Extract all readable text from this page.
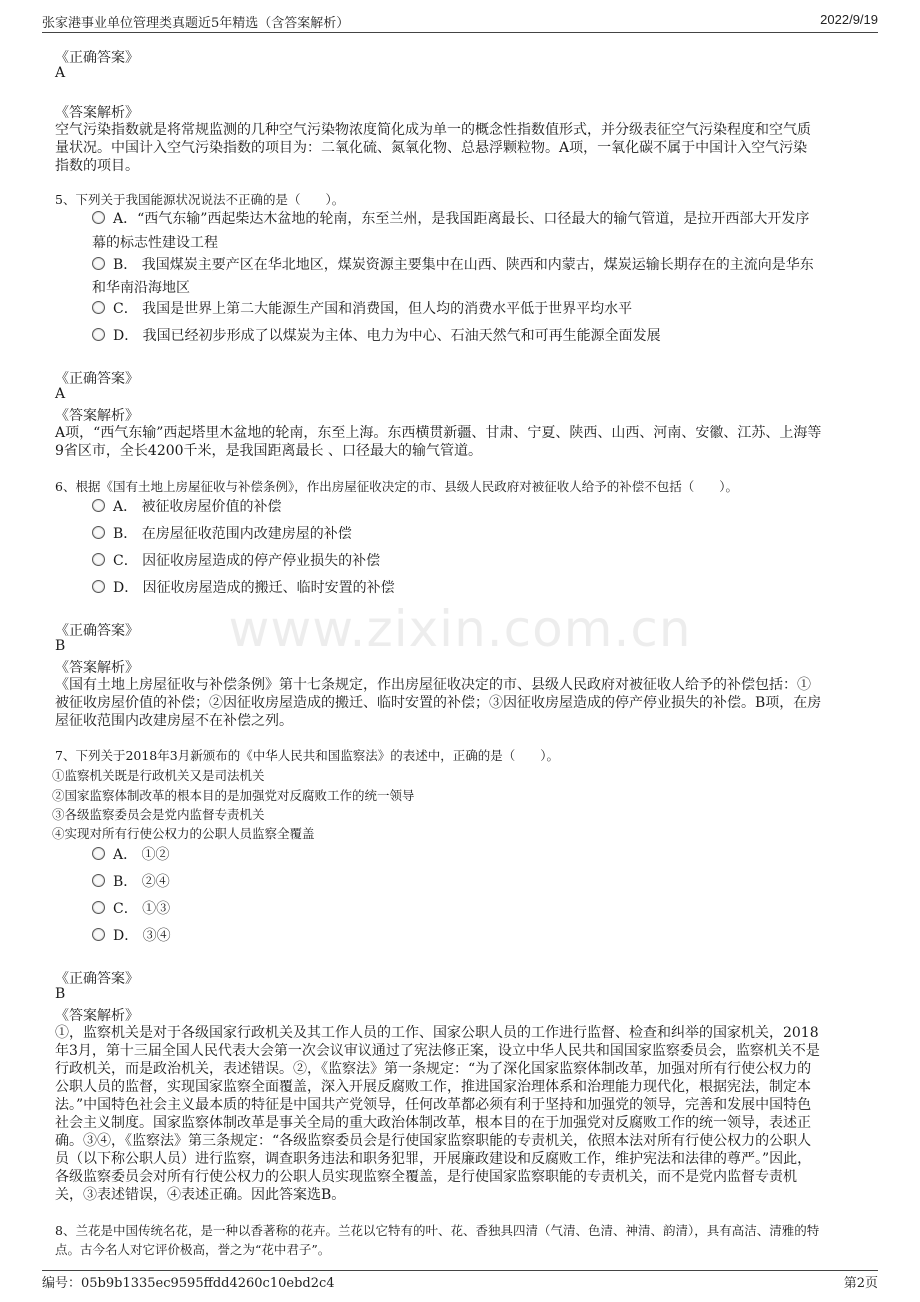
张家港事业单位管理类真题近5年精选（含答案解析）	2022/9/19
www.zixin.com.cn
《正确答案》
A
《答案解析》
空气污染指数就是将常规监测的几种空气污染物浓度简化成为单一的概念性指数值形式，并分级表征空气污染程度和空气质
量状况。中国计入空气污染指数的项目为：二氧化硫、氮氧化物、总悬浮颗粒物。A项，一氧化碳不属于中国计入空气污染
指数的项目。
5、下列关于我国能源状况说法不正确的是（　　）。
A．“西气东输”西起柴达木盆地的轮南，东至兰州，是我国距离最长、口径最大的输气管道，是拉开西部大开发序
幕的标志性建设工程
B． 我国煤炭主要产区在华北地区，煤炭资源主要集中在山西、陕西和内蒙古，煤炭运输长期存在的主流向是华东
和华南沿海地区
C． 我国是世界上第二大能源生产国和消费国，但人均的消费水平低于世界平均水平
D． 我国已经初步形成了以煤炭为主体、电力为中心、石油天然气和可再生能源全面发展
《正确答案》
A
《答案解析》
A项，“西气东输”西起塔里木盆地的轮南，东至上海。东西横贯新疆、甘肃、宁夏、陕西、山西、河南、安徽、江苏、上海等
9省区市，全长4200千米，是我国距离最长 、口径最大的输气管道。
6、根据《国有土地上房屋征收与补偿条例》，作出房屋征收决定的市、县级人民政府对被征收人给予的补偿不包括（　　）。
A． 被征收房屋价值的补偿
B． 在房屋征收范围内改建房屋的补偿
C． 因征收房屋造成的停产停业损失的补偿
D． 因征收房屋造成的搬迁、临时安置的补偿
《正确答案》
B
《答案解析》
《国有土地上房屋征收与补偿条例》第十七条规定，作出房屋征收决定的市、县级人民政府对被征收人给予的补偿包括：①
被征收房屋价值的补偿；②因征收房屋造成的搬迁、临时安置的补偿；③因征收房屋造成的停产停业损失的补偿。B项，在房
屋征收范围内改建房屋不在补偿之列。
7、下列关于2018年3月新颁布的《中华人民共和国监察法》的表述中，正确的是（　　）。
①监察机关既是行政机关又是司法机关
②国家监察体制改革的根本目的是加强党对反腐败工作的统一领导
③各级监察委员会是党内监督专责机关
④实现对所有行使公权力的公职人员监察全覆盖
A． ①②
B． ②④
C． ①③
D． ③④
《正确答案》
B
《答案解析》
①，监察机关是对于各级国家行政机关及其工作人员的工作、国家公职人员的工作进行监督、检查和纠举的国家机关，2018
年3月，第十三届全国人民代表大会第一次会议审议通过了宪法修正案，设立中华人民共和国国家监察委员会，监察机关不是
行政机关，而是政治机关，表述错误。②，《监察法》第一条规定：“为了深化国家监察体制改革，加强对所有行使公权力的
公职人员的监督，实现国家监察全面覆盖，深入开展反腐败工作，推进国家治理体系和治理能力现代化，根据宪法，制定本
法。”中国特色社会主义最本质的特征是中国共产党领导，任何改革都必须有利于坚持和加强党的领导，完善和发展中国特色
社会主义制度。国家监察体制改革是事关全局的重大政治体制改革，根本目的在于加强党对反腐败工作的统一领导，表述正
确。③④，《监察法》第三条规定：“各级监察委员会是行使国家监察职能的专责机关，依照本法对所有行使公权力的公职人
员（以下称公职人员）进行监察，调查职务违法和职务犯罪，开展廉政建设和反腐败工作，维护宪法和法律的尊严。”因此，
各级监察委员会对所有行使公权力的公职人员实现监察全覆盖，是行使国家监察职能的专责机关，而不是党内监督专责机
关，③表述错误，④表述正确。因此答案选B。
8、兰花是中国传统名花，是一种以香著称的花卉。兰花以它特有的叶、花、香独具四清（气清、色清、神清、韵清），具有高洁、清雅的特
点。古今名人对它评价极高，誉之为“花中君子”。
编号：05b9b1335ec9595ffdd4260c10ebd2c4	第2页
